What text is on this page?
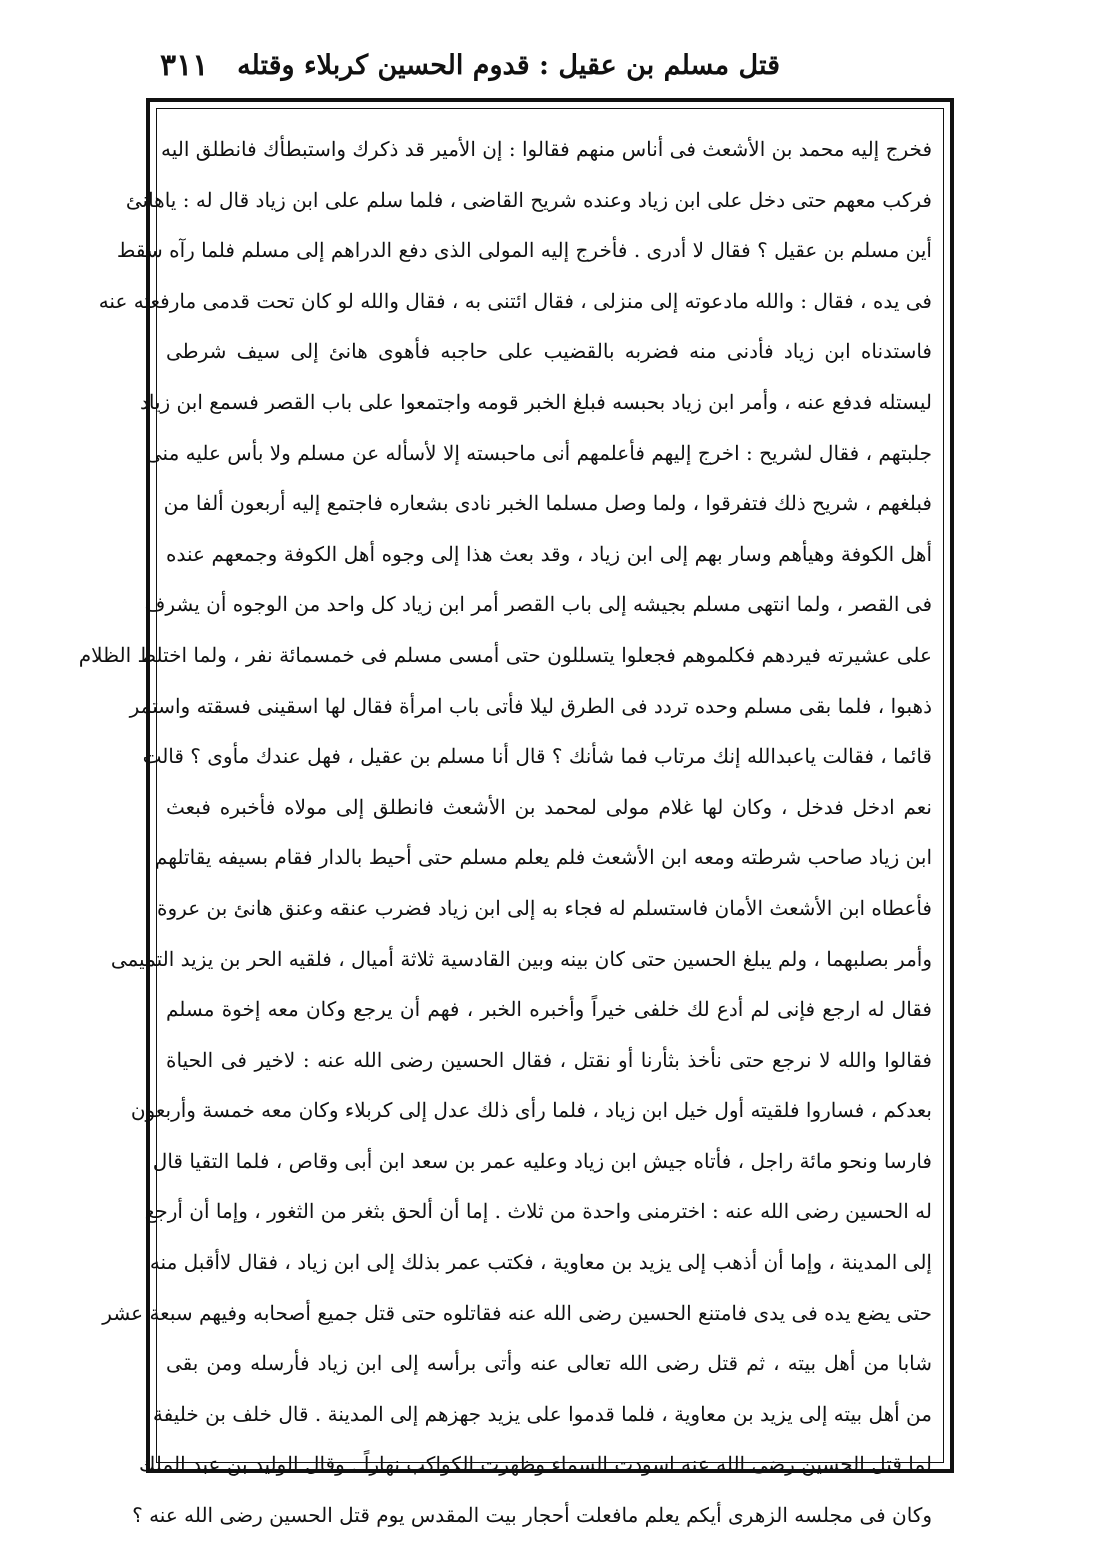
قتل مسلم بن عقيل : قدوم الحسين كربلاء وقتله
٣١١
فخرج إليه محمد بن الأشعث فى أناس منهم فقالوا : إن الأمير قد ذكرك واستبطأك فانطلق اليه
فركب معهم حتى دخل على ابن زياد وعنده شريح القاضى ، فلما سلم على ابن زياد قال له : ياهانئ
أين مسلم بن عقيل ؟ فقال لا أدرى . فأخرج إليه المولى الذى دفع الدراهم إلى مسلم فلما رآه سقط
فى يده ، فقال : والله مادعوته إلى منزلى ، فقال ائتنى به ، فقال والله لو كان تحت قدمى مارفعته عنه
فاستدناه ابن زياد فأدنى منه فضربه بالقضيب على حاجبه فأهوى هانئ إلى سيف شرطى
ليستله فدفع عنه ، وأمر ابن زياد بحبسه فبلغ الخبر قومه واجتمعوا على باب القصر فسمع ابن زياد
جلبتهم ، فقال لشريح : اخرج إليهم فأعلمهم أنى ماحبسته إلا لأسأله عن مسلم ولا بأس عليه منى
فبلغهم ، شريح ذلك فتفرقوا ، ولما وصل مسلما الخبر نادى بشعاره فاجتمع إليه أربعون ألفا من
أهل الكوفة وهيأهم وسار بهم إلى ابن زياد ، وقد بعث هذا إلى وجوه أهل الكوفة وجمعهم عنده
فى القصر ، ولما انتهى مسلم بجيشه إلى باب القصر أمر ابن زياد كل واحد من الوجوه أن يشرف
على عشيرته فيردهم فكلموهم فجعلوا يتسللون حتى أمسى مسلم فى خمسمائة نفر ، ولما اختلط الظلام
ذهبوا ، فلما بقى مسلم وحده تردد فى الطرق ليلا فأتى باب امرأة فقال لها اسقينى فسقته واستمر
قائما ، فقالت ياعبدالله إنك مرتاب فما شأنك ؟ قال أنا مسلم بن عقيل ، فهل عندك مأوى ؟ قالت
نعم ادخل فدخل ، وكان لها غلام مولى لمحمد بن الأشعث فانطلق إلى مولاه فأخبره فبعث
ابن زياد صاحب شرطته ومعه ابن الأشعث فلم يعلم مسلم حتى أحيط بالدار فقام بسيفه يقاتلهم
فأعطاه ابن الأشعث الأمان فاستسلم له فجاء به إلى ابن زياد فضرب عنقه وعنق هانئ بن عروة
وأمر بصلبهما ، ولم يبلغ الحسين حتى كان بينه وبين القادسية ثلاثة أميال ، فلقيه الحر بن يزيد التميمى
فقال له ارجع فإنى لم أدع لك خلفى خيراً وأخبره الخبر ، فهم أن يرجع وكان معه إخوة مسلم
فقالوا والله لا نرجع حتى نأخذ بثأرنا أو نقتل ، فقال الحسين رضى الله عنه : لاخير فى الحياة
بعدكم ، فساروا فلقيته أول خيل ابن زياد ، فلما رأى ذلك عدل إلى كربلاء وكان معه خمسة وأربعون
فارسا ونحو مائة راجل ، فأتاه جيش ابن زياد وعليه عمر بن سعد ابن أبى وقاص ، فلما التقيا قال
له الحسين رضى الله عنه : اخترمنى واحدة من ثلاث . إما أن ألحق بثغر من الثغور ، وإما أن أرجع
إلى المدينة ، وإما أن أذهب إلى يزيد بن معاوية ، فكتب عمر بذلك إلى ابن زياد ، فقال لاأقبل منه
حتى يضع يده فى يدى فامتنع الحسين رضى الله عنه فقاتلوه حتى قتل جميع أصحابه وفيهم سبعة عشر
شابا من أهل بيته ، ثم قتل رضى الله تعالى عنه وأتى برأسه إلى ابن زياد فأرسله ومن بقى
من أهل بيته إلى يزيد بن معاوية ، فلما قدموا على يزيد جهزهم إلى المدينة . قال خلف بن خليفة
لما قتل الحسين رضى الله عنه اسودت السماء وظهرت الكواكب نهاراً . وقال الوليد بن عبد الملك
وكان فى مجلسه الزهرى أيكم يعلم مافعلت أحجار بيت المقدس يوم قتل الحسين رضى الله عنه ؟
